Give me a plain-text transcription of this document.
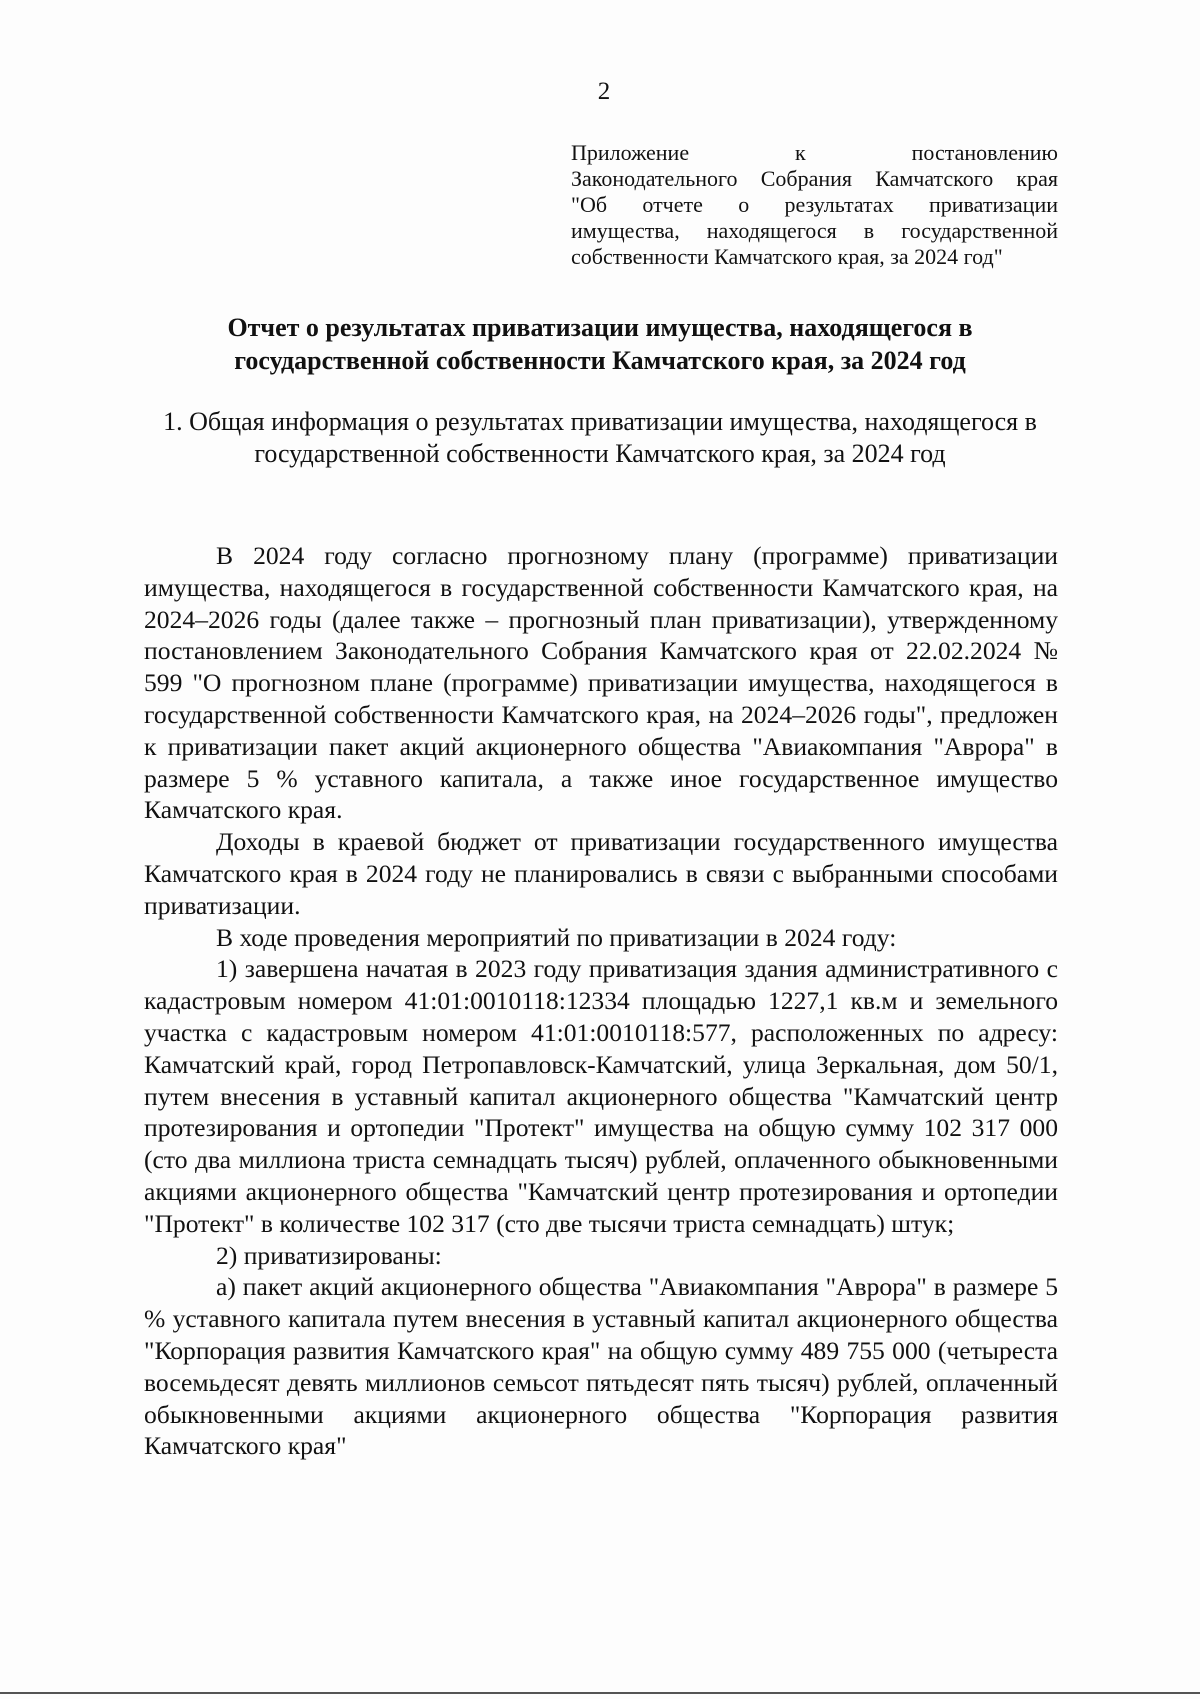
2
Приложение к постановлению
Законодательного Собрания Камчатского края
"Об отчете о результатах приватизации
имущества, находящегося в государственной
собственности Камчатского края, за 2024 год"
Отчет о результатах приватизации имущества, находящегося в государственной собственности Камчатского края, за 2024 год
1. Общая информация о результатах приватизации имущества, находящегося в государственной собственности Камчатского края, за 2024 год

В 2024 году согласно прогнозному плану (программе) приватизации имущества, находящегося в государственной собственности Камчатского края, на 2024–2026 годы (далее также – прогнозный план приватизации), утвержденному постановлением Законодательного Собрания Камчатского края от 22.02.2024 № 599 "О прогнозном плане (программе) приватизации имущества, находящегося в государственной собственности Камчатского края, на 2024–2026 годы", предложен к приватизации пакет акций акционерного общества "Авиакомпания "Аврора" в размере 5 % уставного капитала, а также иное государственное имущество Камчатского края.

Доходы в краевой бюджет от приватизации государственного имущества Камчатского края в 2024 году не планировались в связи с выбранными способами приватизации.

В ходе проведения мероприятий по приватизации в 2024 году:

1) завершена начатая в 2023 году приватизация здания административного с кадастровым номером 41:01:0010118:12334 площадью 1227,1 кв.м и земельного участка с кадастровым номером 41:01:0010118:577, расположенных по адресу: Камчатский край, город Петропавловск-Камчатский, улица Зеркальная, дом 50/1, путем внесения в уставный капитал акционерного общества "Камчатский центр протезирования и ортопедии "Протект" имущества на общую сумму 102 317 000 (сто два миллиона триста семнадцать тысяч) рублей, оплаченного обыкновенными акциями акционерного общества "Камчатский центр протезирования и ортопедии "Протект" в количестве 102 317 (сто две тысячи триста семнадцать) штук;

2) приватизированы:

а) пакет акций акционерного общества "Авиакомпания "Аврора" в размере 5 % уставного капитала путем внесения в уставный капитал акционерного общества "Корпорация развития Камчатского края" на общую сумму 489 755 000 (четыреста восемьдесят девять миллионов семьсот пятьдесят пять тысяч) рублей, оплаченный обыкновенными акциями акционерного общества "Корпорация развития Камчатского края"
